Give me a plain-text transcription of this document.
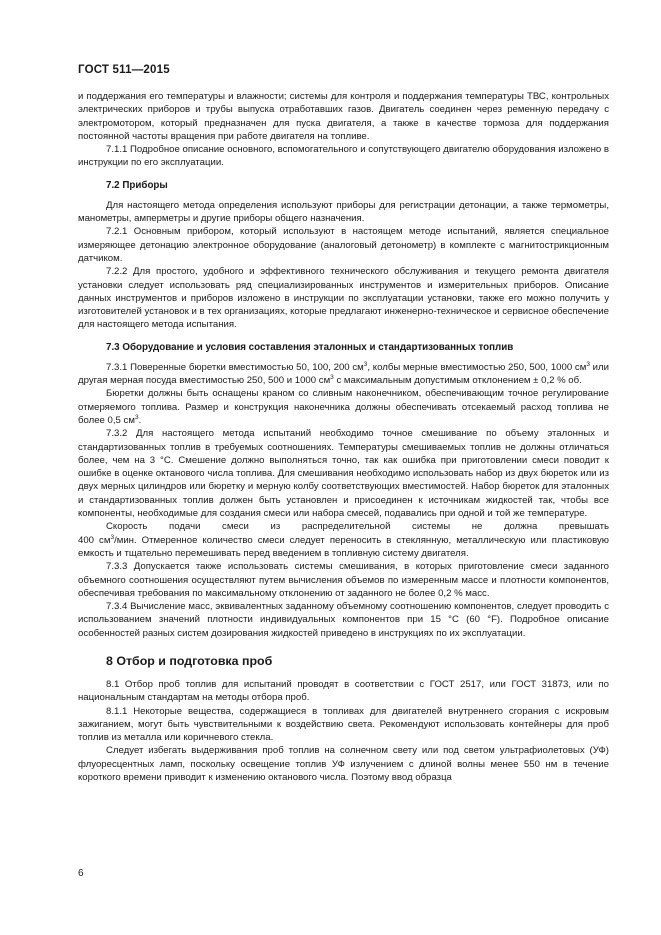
ГОСТ 511—2015

и поддержания его температуры и влажности; системы для контроля и поддержания температуры ТВС, контрольных электрических приборов и трубы выпуска отработавших газов. Двигатель соединен через ременную передачу с электромотором, который предназначен для пуска двигателя, а также в качестве тормоза для поддержания постоянной частоты вращения при работе двигателя на топливе.

7.1.1 Подробное описание основного, вспомогательного и сопутствующего двигателю оборудования изложено в инструкции по его эксплуатации.

7.2 Приборы

Для настоящего метода определения используют приборы для регистрации детонации, а также термометры, манометры, амперметры и другие приборы общего назначения.

7.2.1 Основным прибором, который используют в настоящем методе испытаний, является специальное измеряющее детонацию электронное оборудование (аналоговый детонометр) в комплекте с магнитострикционным датчиком.

7.2.2 Для простого, удобного и эффективного технического обслуживания и текущего ремонта двигателя установки следует использовать ряд специализированных инструментов и измерительных приборов. Описание данных инструментов и приборов изложено в инструкции по эксплуатации установки, также его можно получить у изготовителей установок и в тех организациях, которые предлагают инженерно-техническое и сервисное обеспечение для настоящего метода испытания.

7.3 Оборудование и условия составления эталонных и стандартизованных топлив

7.3.1 Поверенные бюретки вместимостью 50, 100, 200 $см^3$, колбы мерные вместимостью 250, 500, 1000 $см^3$ или другая мерная посуда вместимостью 250, 500 и 1000 $см^3$ с максимальным допустимым отклонением ± 0,2 % об.

Бюретки должны быть оснащены краном со сливным наконечником, обеспечивающим точное регулирование отмеряемого топлива. Размер и конструкция наконечника должны обеспечивать отсекаемый расход топлива не более 0,5 $см^3$.

7.3.2 Для настоящего метода испытаний необходимо точное смешивание по объему эталонных и стандартизованных топлив в требуемых соотношениях. Температуры смешиваемых топлив не должны отличаться более, чем на 3 °С. Смешение должно выполняться точно, так как ошибка при приготовлении смеси поводит к ошибке в оценке октанового числа топлива. Для смешивания необходимо использовать набор из двух бюреток или из двух мерных цилиндров или бюретку и мерную колбу соответствующих вместимостей. Набор бюреток для эталонных и стандартизованных топлив должен быть установлен и присоединен к источникам жидкостей так, чтобы все компоненты, необходимые для создания смеси или набора смесей, подавались при одной и той же температуре.

Скорость подачи смеси из распределительной системы не должна превышать

400 $см^3$/мин. Отмеренное количество смеси следует переносить в стеклянную, металлическую или пластиковую емкость и тщательно перемешивать перед введением в топливную систему двигателя.

7.3.3 Допускается также использовать системы смешивания, в которых приготовление смеси заданного объемного соотношения осуществляют путем вычисления объемов по измеренным массе и плотности компонентов, обеспечивая требования по максимальному отклонению от заданного не более 0,2 % масс.

7.3.4 Вычисление масс, эквивалентных заданному объемному соотношению компонентов, следует проводить с использованием значений плотности индивидуальных компонентов при 15 °С (60 °F). Подробное описание особенностей разных систем дозирования жидкостей приведено в инструкциях по их эксплуатации.

8 Отбор и подготовка проб

8.1 Отбор проб топлив для испытаний проводят в соответствии с ГОСТ 2517, или ГОСТ 31873, или по национальным стандартам на методы отбора проб.

8.1.1 Некоторые вещества, содержащиеся в топливах для двигателей внутреннего сгорания с искровым зажиганием, могут быть чувствительными к воздействию света. Рекомендуют использовать контейнеры для проб топлив из металла или коричневого стекла.

Следует избегать выдерживания проб топлив на солнечном свету или под светом ультрафиолетовых (УФ) флуоресцентных ламп, поскольку освещение топлив УФ излучением с длиной волны менее 550 нм в течение короткого времени приводит к изменению октанового числа. Поэтому ввод образца

6
